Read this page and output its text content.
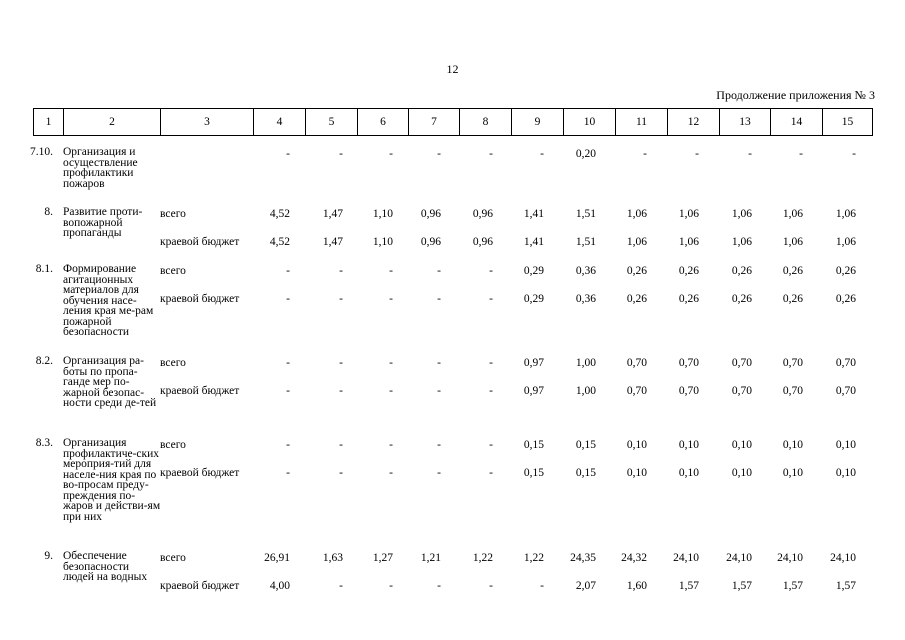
12
Продолжение приложения № 3
1	2	3	4	5	6	7	8	9	10	11	12	13	14	15
7.10. Организация и осуществление профилактики пожаров
-	-	-	-	-	-	0,20	-	-	-	-	-
8. Развитие проти-вопожарной пропаганды
всего	4,52	1,47	1,10	0,96	0,96	1,41	1,51	1,06	1,06	1,06	1,06	1,06
краевой бюджет	4,52	1,47	1,10	0,96	0,96	1,41	1,51	1,06	1,06	1,06	1,06	1,06
8.1. Формирование агитационных материалов для обучения насе-ления края ме-рам пожарной безопасности
всего	-	-	-	-	-	0,29	0,36	0,26	0,26	0,26	0,26	0,26
краевой бюджет	-	-	-	-	-	0,29	0,36	0,26	0,26	0,26	0,26	0,26
8.2. Организация ра-боты по пропа-ганде мер по-жарной безопас-ности среди де-тей
всего	-	-	-	-	-	0,97	1,00	0,70	0,70	0,70	0,70	0,70
краевой бюджет	-	-	-	-	-	0,97	1,00	0,70	0,70	0,70	0,70	0,70
8.3. Организация профилактиче-ских мероприя-тий для населе-ния края по во-просам преду-преждения по-жаров и действи-ям при них
всего	-	-	-	-	-	0,15	0,15	0,10	0,10	0,10	0,10	0,10
краевой бюджет	-	-	-	-	-	0,15	0,15	0,10	0,10	0,10	0,10	0,10
9. Обеспечение безопасности людей на водных
всего	26,91	1,63	1,27	1,21	1,22	1,22	24,35	24,32	24,10	24,10	24,10	24,10
краевой бюджет	4,00	-	-	-	-	-	2,07	1,60	1,57	1,57	1,57	1,57
